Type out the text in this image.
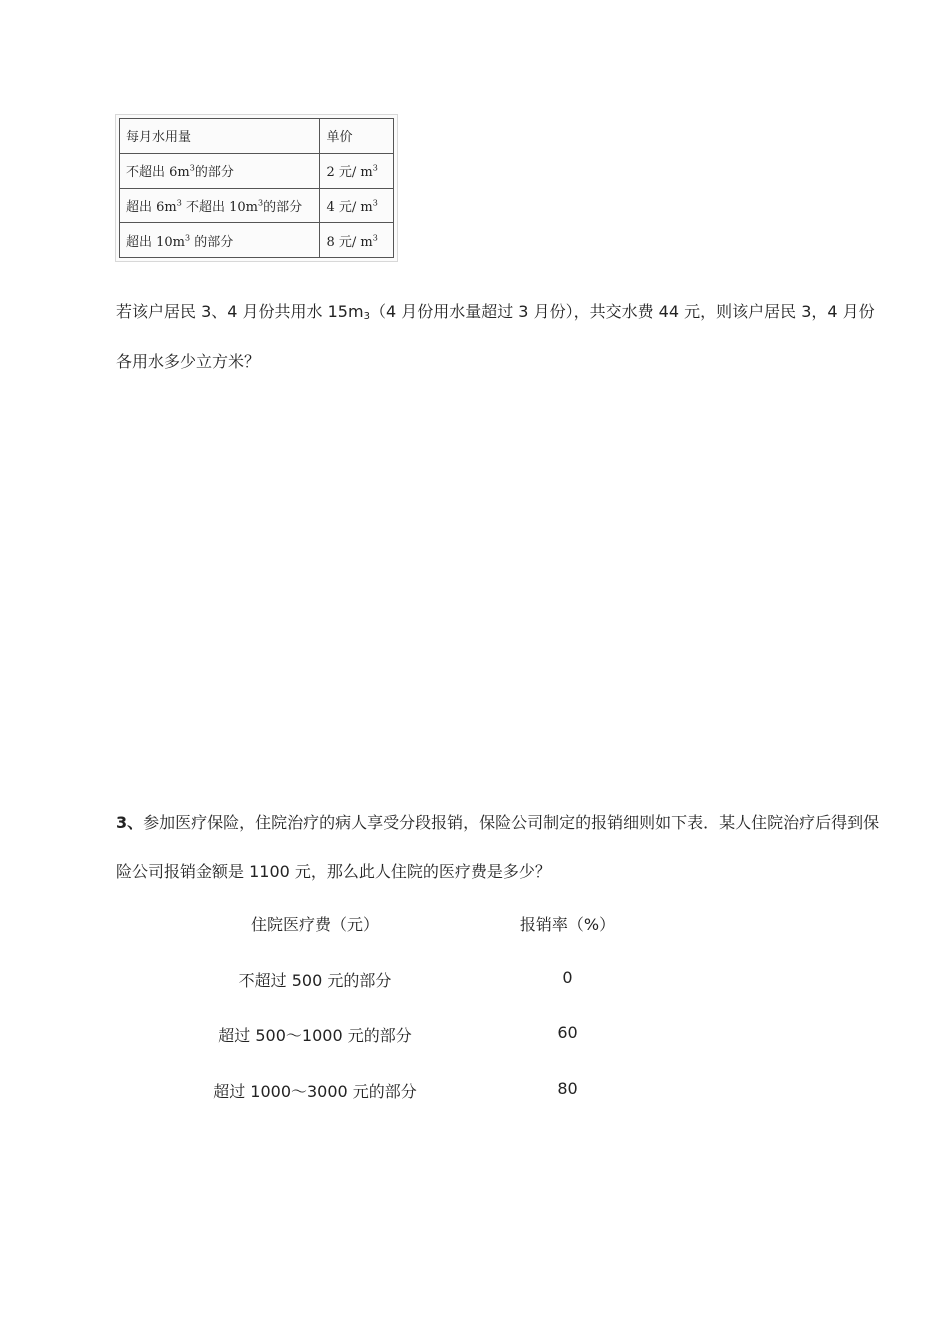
每月水用量	单价
不超出 $6m^3$的部分	2 元∕ $m^3$
超出 $6m^3$ 不超出 $10m^3$的部分	4 元∕ $m^3$
超出 $10m^3$ 的部分	8 元∕ $m^3$
若该户居民 3、4 月份共用水 $15m_3(4$ 月份用水量超过 3 月份），共交水费 44 元，则该户居民 3，4 月份
各用水多少立方米？
3、参加医疗保险，住院治疗的病人享受分段报销，保险公司制定的报销细则如下表．某人住院治疗后得到保
险公司报销金额是 1100 元，那么此人住院的医疗费是多少？
住院医疗费（元）	报销率（%）
不超过 500 元的部分	0
超过 500～1000 元的部分	60
超过 1000～3000 元的部分	80
